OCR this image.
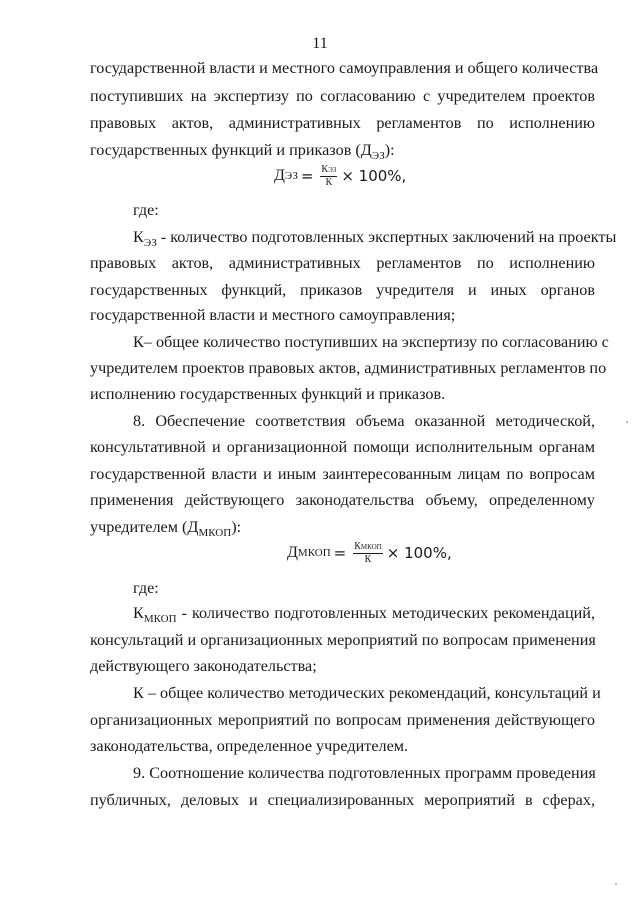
11
государственной власти и местного самоуправления и общего количества
поступивших на экспертизу по согласованию с учредителем проектов
правовых актов, административных регламентов по исполнению
государственных функций и приказов $(Д_{ЭЗ})$:
Д ЭЗ = $\frac{\text{КЭЗ}}{К} \times 100\%$,
где:
$К_{ЭЗ}$ - количество подготовленных экспертных заключений на проекты
правовых актов, административных регламентов по исполнению
государственных функций, приказов учредителя и иных органов
государственной власти и местного самоуправления;
К– общее количество поступивших на экспертизу по согласованию с
учредителем проектов правовых актов, административных регламентов по
исполнению государственных функций и приказов.
8. Обеспечение соответствия объема оказанной методической,
консультативной и организационной помощи исполнительным органам
государственной власти и иным заинтересованным лицам по вопросам
применения действующего законодательства объему, определенному
учредителем $(Д_{МКОП})$:
Д МКОП = $\frac{\text{КМКОП}}{К} \times 100\%$,
где:
$К_{МКОП}$ - количество подготовленных методических рекомендаций,
консультаций и организационных мероприятий по вопросам применения
действующего законодательства;
К – общее количество методических рекомендаций, консультаций и
организационных мероприятий по вопросам применения действующего
законодательства, определенное учредителем.
9. Соотношение количества подготовленных программ проведения
публичных, деловых и специализированных мероприятий в сферах,
